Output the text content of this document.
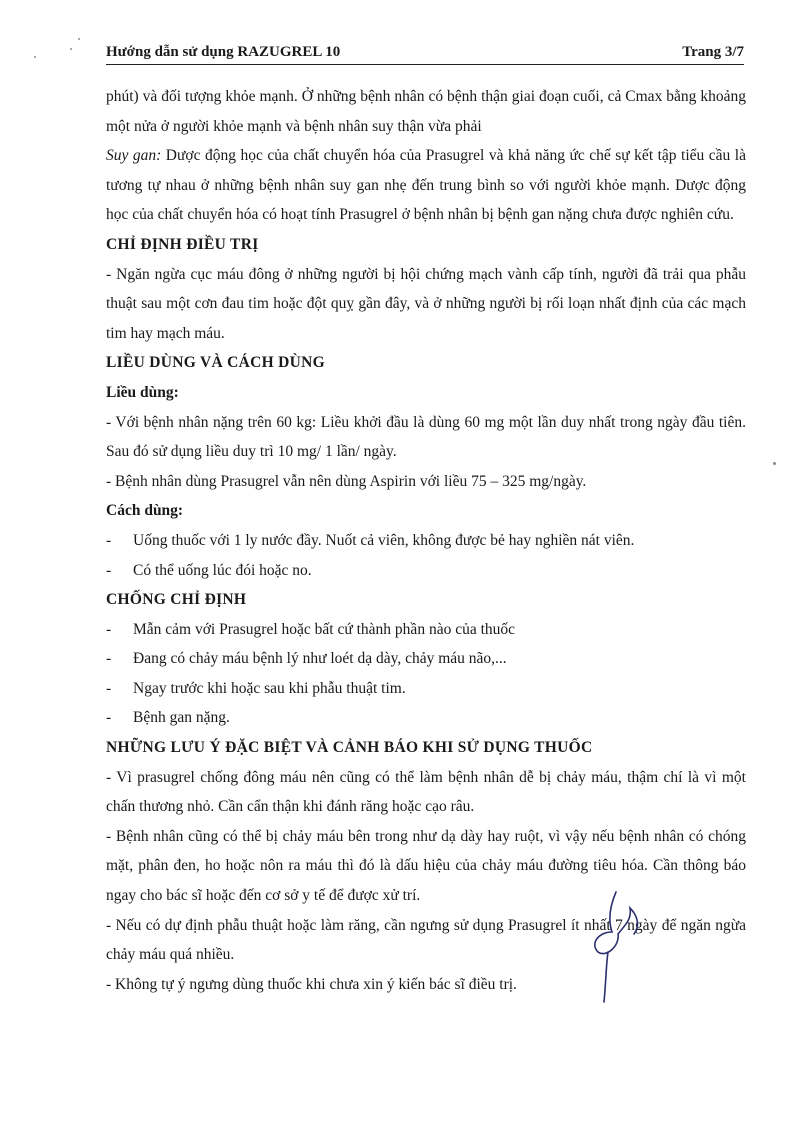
Hướng dẫn sử dụng RAZUGREL 10	Trang 3/7

phút) và đối tượng khỏe mạnh. Ở những bệnh nhân có bệnh thận giai đoạn cuối, cả Cmax bằng khoảng một nửa ở người khỏe mạnh và bệnh nhân suy thận vừa phải

Suy gan: Dược động học của chất chuyển hóa của Prasugrel và khả năng ức chế sự kết tập tiểu cầu là tương tự nhau ở những bệnh nhân suy gan nhẹ đến trung bình so với người khỏe mạnh. Dược động học của chất chuyển hóa có hoạt tính Prasugrel ở bệnh nhân bị bệnh gan nặng chưa được nghiên cứu.

CHỈ ĐỊNH ĐIỀU TRỊ

- Ngăn ngừa cục máu đông ở những người bị hội chứng mạch vành cấp tính, người đã trải qua phẫu thuật sau một cơn đau tim hoặc đột quỵ gần đây, và ở những người bị rối loạn nhất định của các mạch tim hay mạch máu.

LIỀU DÙNG VÀ CÁCH DÙNG
Liều dùng:

- Với bệnh nhân nặng trên 60 kg: Liều khởi đầu là dùng 60 mg một lần duy nhất trong ngày đầu tiên. Sau đó sử dụng liều duy trì 10 mg/ 1 lần/ ngày.

- Bệnh nhân dùng Prasugrel vẫn nên dùng Aspirin với liều 75 – 325 mg/ngày.

Cách dùng:
- Uống thuốc với 1 ly nước đầy. Nuốt cả viên, không được bẻ hay nghiền nát viên.
- Có thể uống lúc đói hoặc no.
CHỐNG CHỈ ĐỊNH
- Mẫn cảm với Prasugrel hoặc bất cứ thành phần nào của thuốc
- Đang có chảy máu bệnh lý như loét dạ dày, chảy máu não,...
- Ngay trước khi hoặc sau khi phẫu thuật tim.
- Bệnh gan nặng.
NHỮNG LƯU Ý ĐẶC BIỆT VÀ CẢNH BÁO KHI SỬ DỤNG THUỐC

- Vì prasugrel chống đông máu nên cũng có thể làm bệnh nhân dễ bị chảy máu, thậm chí là vì một chấn thương nhỏ. Cần cẩn thận khi đánh răng hoặc cạo râu.

- Bệnh nhân cũng có thể bị chảy máu bên trong như dạ dày hay ruột, vì vậy nếu bệnh nhân có chóng mặt, phân đen, ho hoặc nôn ra máu thì đó là dấu hiệu của chảy máu đường tiêu hóa. Cần thông báo ngay cho bác sĩ hoặc đến cơ sở y tế để được xử trí.

- Nếu có dự định phẫu thuật hoặc làm răng, cần ngưng sử dụng Prasugrel ít nhất 7 ngày để ngăn ngừa chảy máu quá nhiều.

- Không tự ý ngưng dùng thuốc khi chưa xin ý kiến bác sĩ điều trị.
